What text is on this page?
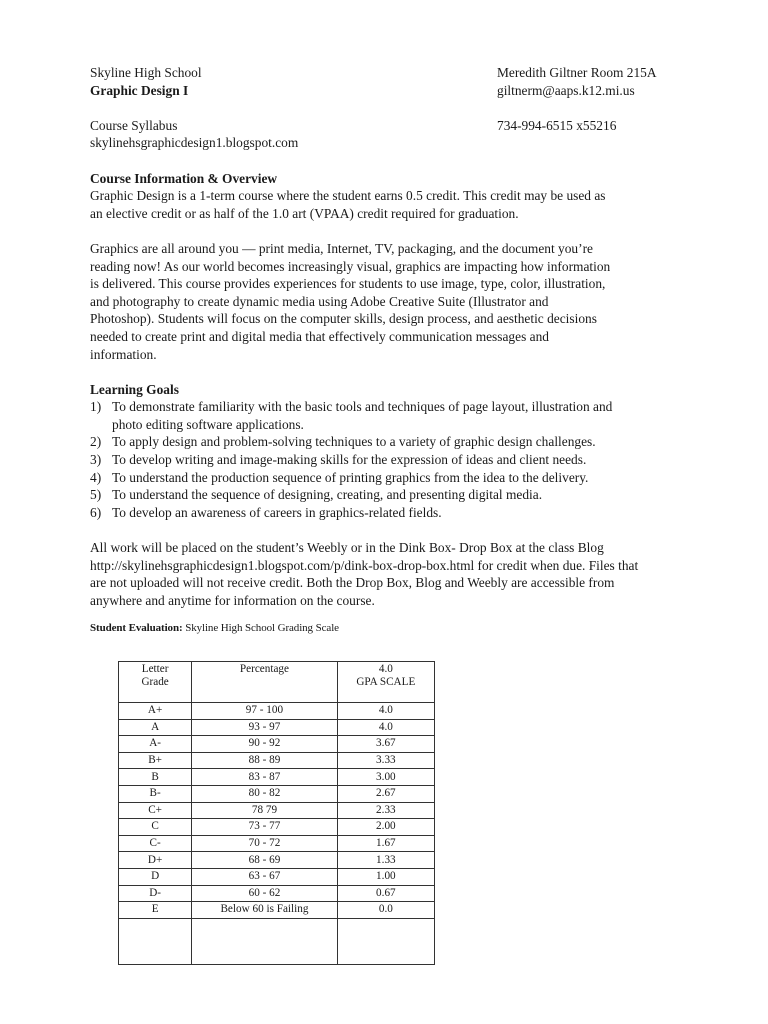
Skyline High School	Meredith Giltner Room 215A
Graphic Design I	giltnerm@aaps.k12.mi.us
Course Syllabus	734-994-6515 x55216
skylinehsgraphicdesign1.blogspot.com
Course Information & Overview

Graphic Design is a 1-term course where the student earns 0.5 credit. This credit may be used as
an elective credit or as half of the 1.0 art (VPAA) credit required for graduation.

Graphics are all around you — print media, Internet, TV, packaging, and the document you’re
reading now! As our world becomes increasingly visual, graphics are impacting how information
is delivered. This course provides experiences for students to use image, type, color, illustration,
and photography to create dynamic media using Adobe Creative Suite (Illustrator and
Photoshop). Students will focus on the computer skills, design process, and aesthetic decisions
needed to create print and digital media that effectively communication messages and
information.

Learning Goals
1) To demonstrate familiarity with the basic tools and techniques of page layout, illustration and
photo editing software applications.
2) To apply design and problem-solving techniques to a variety of graphic design challenges.
3) To develop writing and image-making skills for the expression of ideas and client needs.
4) To understand the production sequence of printing graphics from the idea to the delivery.
5) To understand the sequence of designing, creating, and presenting digital media.
6) To develop an awareness of careers in graphics-related fields.

All work will be placed on the student’s Weebly or in the Dink Box- Drop Box at the class Blog
http://skylinehsgraphicdesign1.blogspot.com/p/dink-box-drop-box.html for credit when due. Files that
are not uploaded will not receive credit. Both the Drop Box, Blog and Weebly are accessible from
anywhere and anytime for information on the course.

Student Evaluation: Skyline High School Grading Scale
Letter
Grade	Percentage	4.0
GPA SCALE

A+	97 - 100	4.0
A	93 - 97	4.0
A-	90 - 92	3.67
B+	88 - 89	3.33
B	83 - 87	3.00
B-	80 - 82	2.67
C+	78 79	2.33
C	73 - 77	2.00
C-	70 - 72	1.67
D+	68 - 69	1.33
D	63 - 67	1.00
D-	60 - 62	0.67
E	Below 60 is Failing	0.0
